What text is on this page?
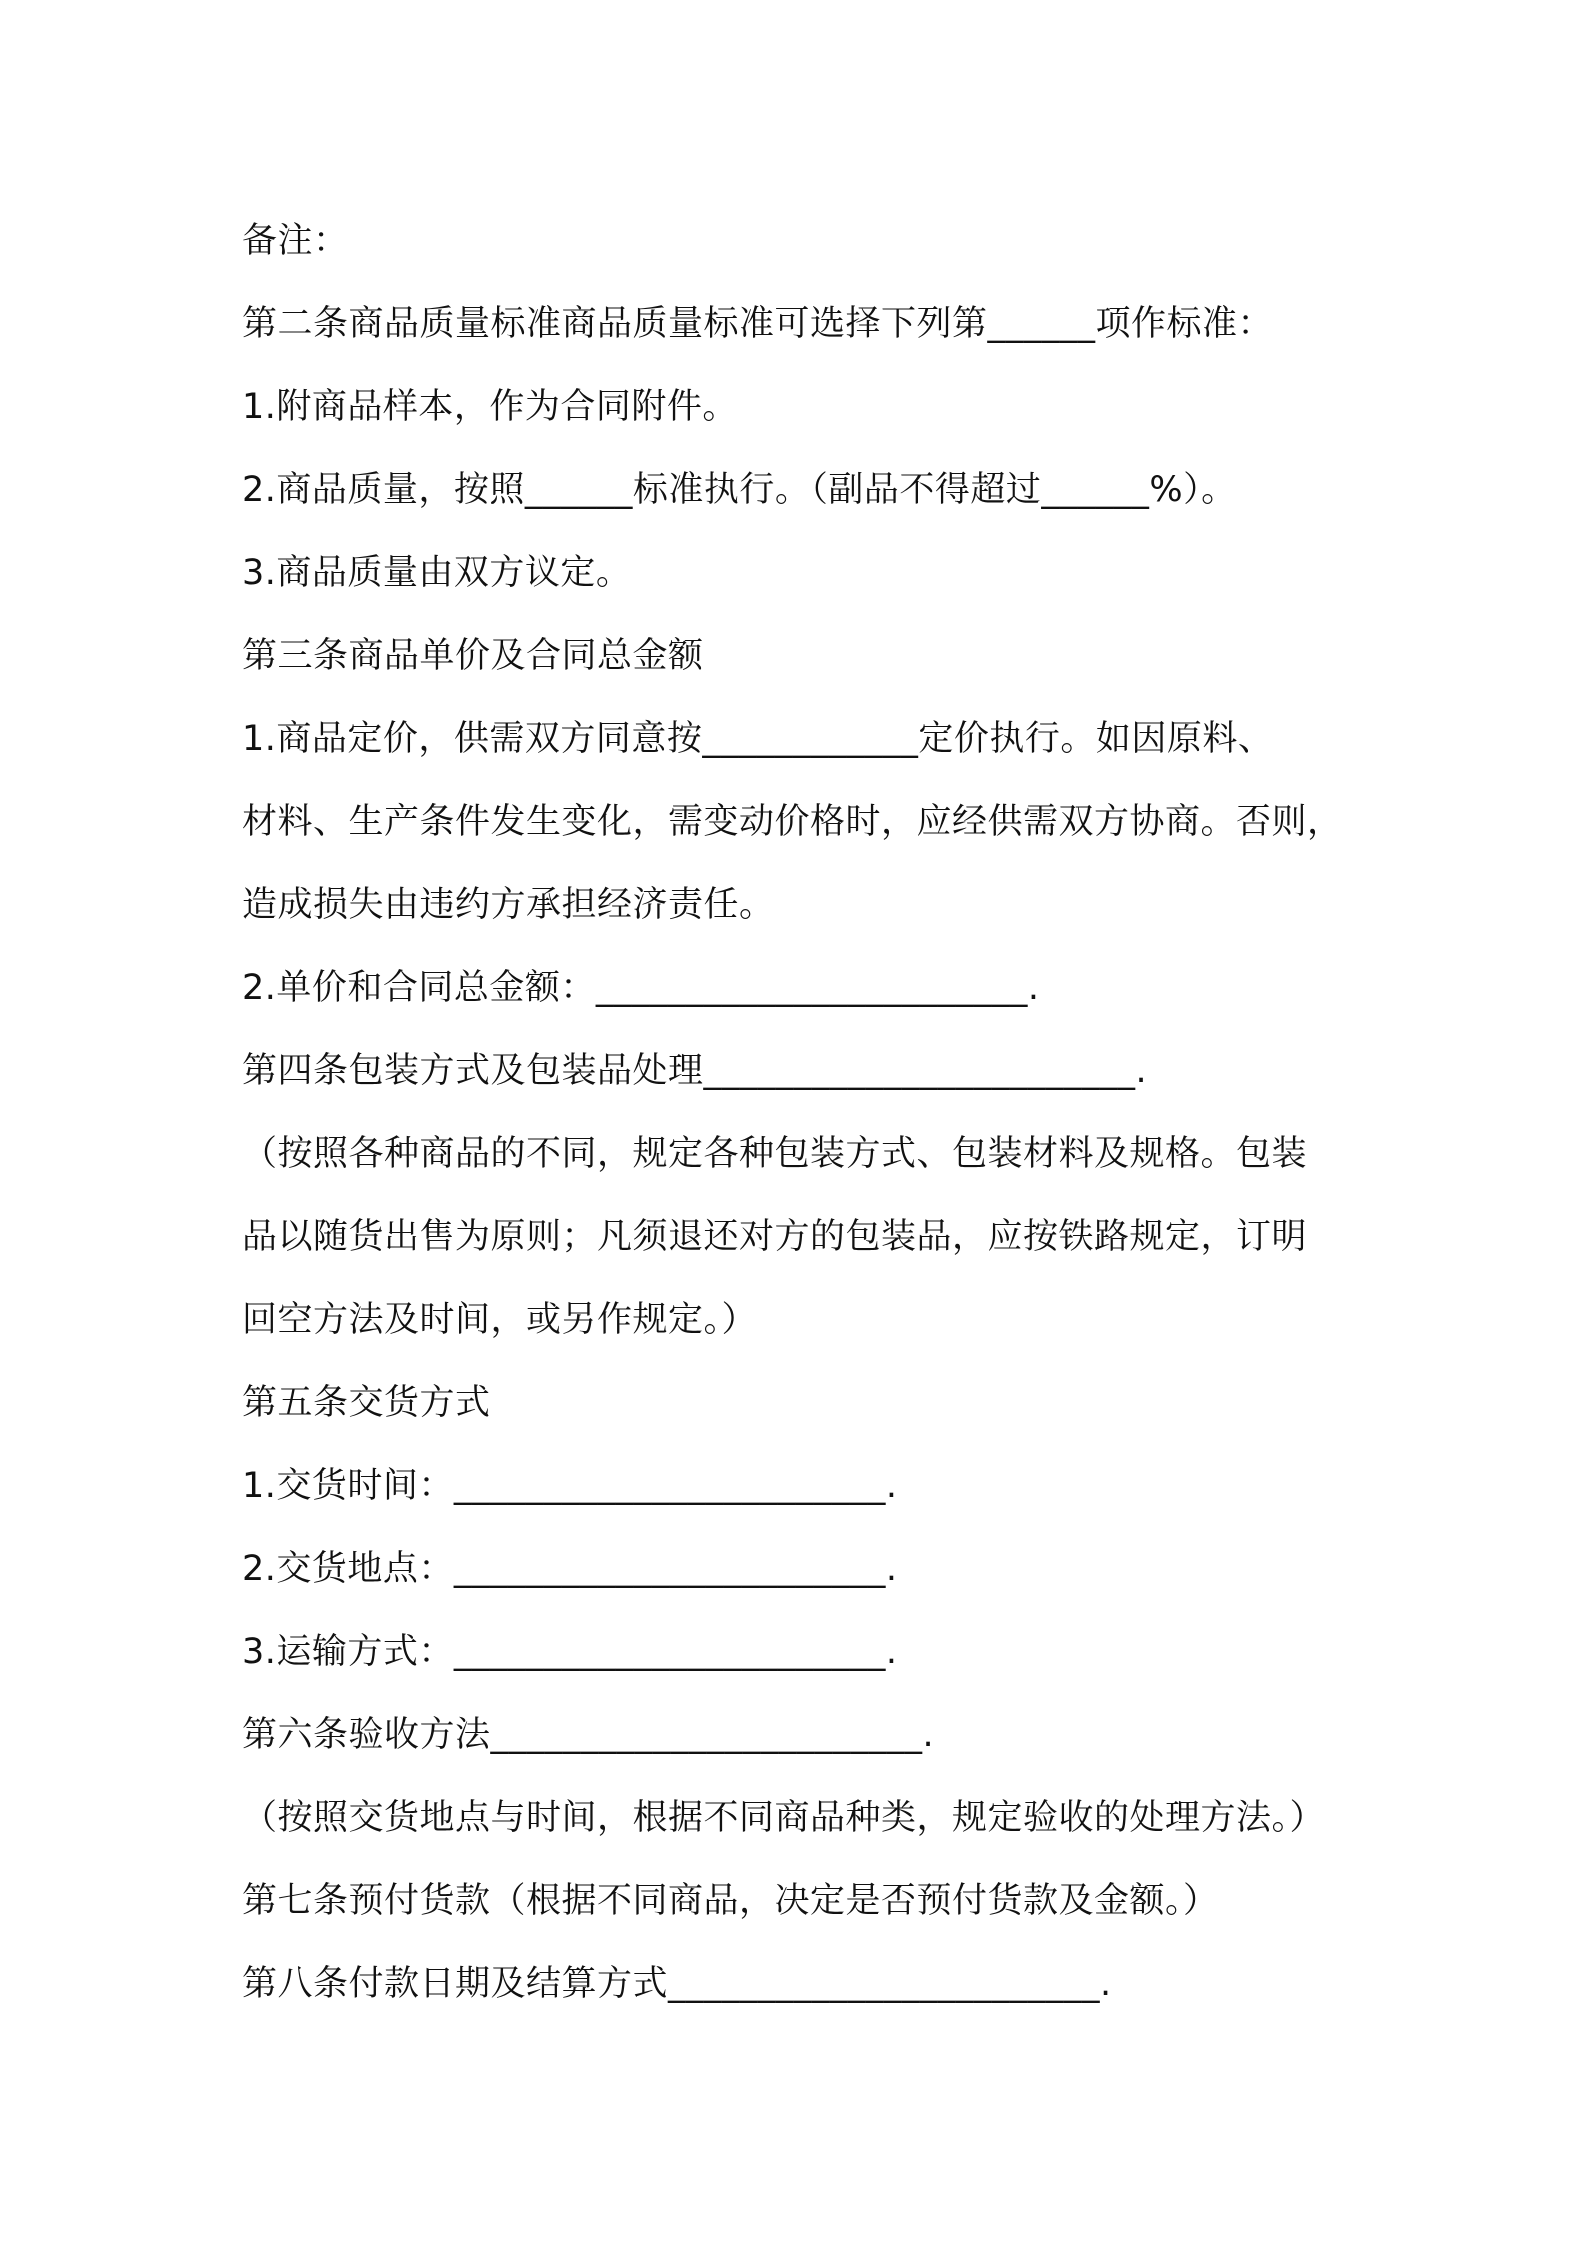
备注：
第二条商品质量标准商品质量标准可选择下列第______项作标准：
1.附商品样本，作为合同附件。
2.商品质量，按照______标准执行。（副品不得超过______%）。
3.商品质量由双方议定。
第三条商品单价及合同总金额
1.商品定价，供需双方同意按____________定价执行。如因原料、
材料、生产条件发生变化，需变动价格时，应经供需双方协商。否则，
造成损失由违约方承担经济责任。
2.单价和合同总金额：________________________.
第四条包装方式及包装品处理________________________.
（按照各种商品的不同，规定各种包装方式、包装材料及规格。包装
品以随货出售为原则；凡须退还对方的包装品，应按铁路规定，订明
回空方法及时间，或另作规定。）
第五条交货方式
1.交货时间：________________________.
2.交货地点：________________________.
3.运输方式：________________________.
第六条验收方法________________________.
（按照交货地点与时间，根据不同商品种类，规定验收的处理方法。）
第七条预付货款（根据不同商品，决定是否预付货款及金额。）
第八条付款日期及结算方式________________________.
